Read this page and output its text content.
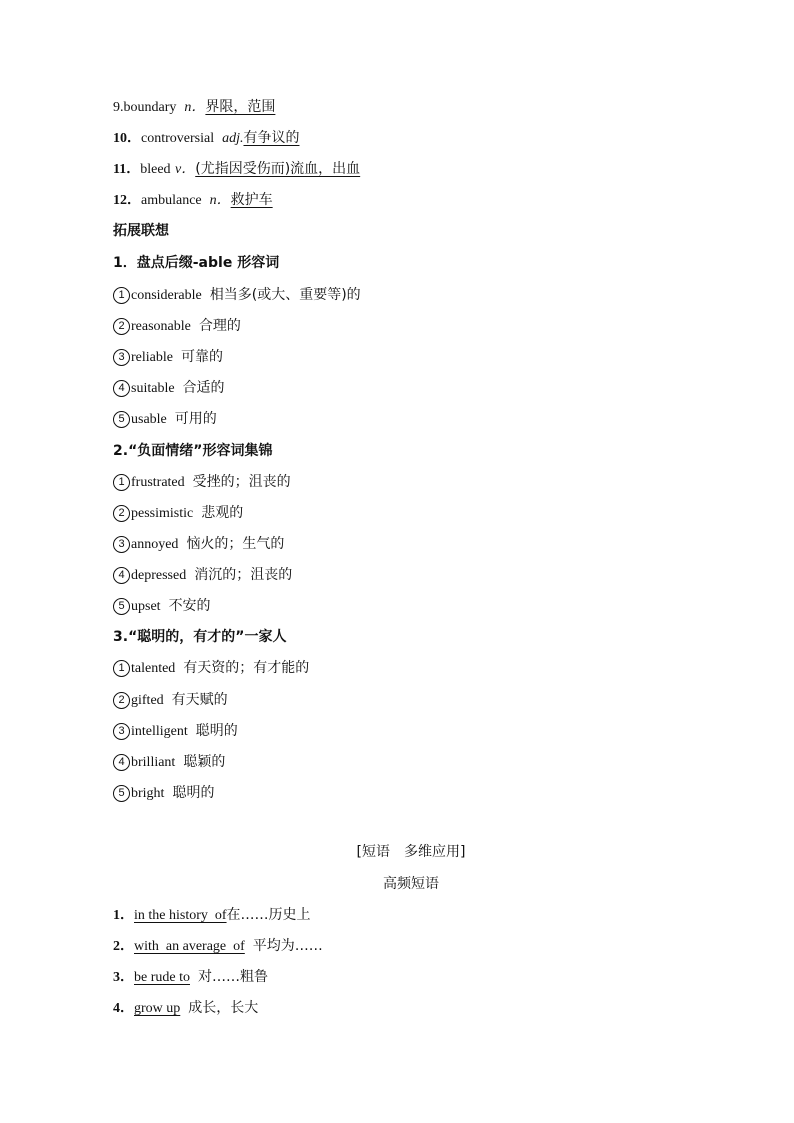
9.boundary n．界限，范围
10．controversial adj.有争议的
11．bleed v．(尤指因受伤而)流血，出血
12．ambulance n．救护车
拓展联想
1．盘点后缀-able 形容词
1 considerable 相当多(或大、重要等)的
2 reasonable 合理的
3 reliable 可靠的
4 suitable 合适的
5 usable 可用的
2.“负面情绪”形容词集锦
1 frustrated 受挫的；沮丧的
2 pessimistic 悲观的
3 annoyed 恼火的；生气的
4 depressed 消沉的；沮丧的
5 upset 不安的
3.“聪明的，有才的”一家人
1 talented 有天资的；有才能的
2 gifted 有天赋的
3 intelligent 聪明的
4 brilliant 聪颖的
5 bright 聪明的
[短语　多维应用]
高频短语
1．in the history  of在……历史上
2．with  an average  of 平均为……
3．be rude to 对……粗鲁
4．grow up 成长，长大
